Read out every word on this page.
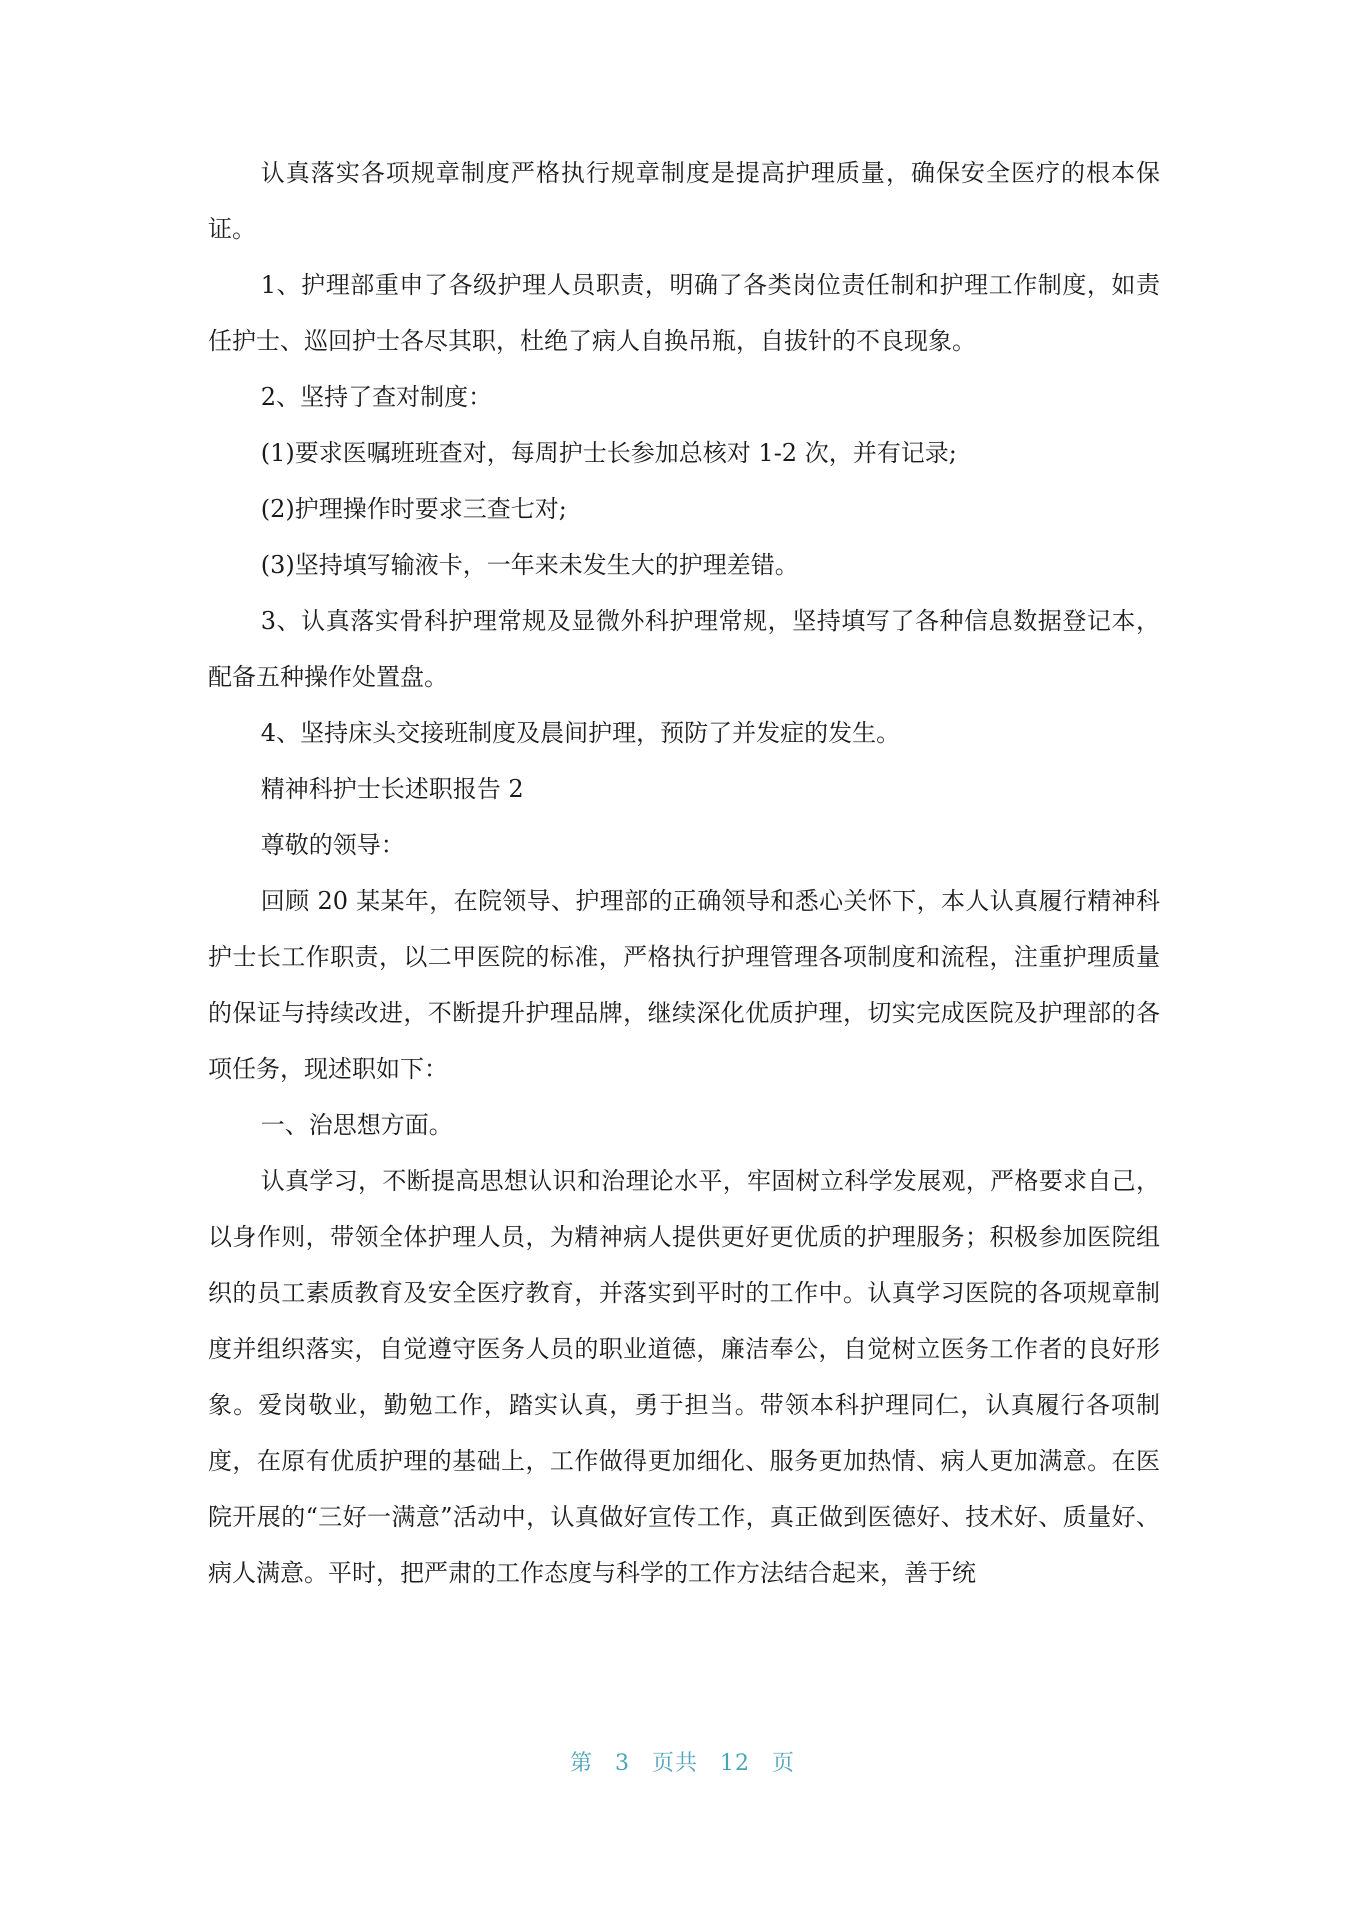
认真落实各项规章制度严格执行规章制度是提高护理质量，确保安全医疗的根本保证。

1、护理部重申了各级护理人员职责，明确了各类岗位责任制和护理工作制度，如责任护士、巡回护士各尽其职，杜绝了病人自换吊瓶，自拔针的不良现象。

2、坚持了查对制度：

(1)要求医嘱班班查对，每周护士长参加总核对 1-2 次，并有记录;

(2)护理操作时要求三查七对;

(3)坚持填写输液卡，一年来未发生大的护理差错。

3、认真落实骨科护理常规及显微外科护理常规，坚持填写了各种信息数据登记本，配备五种操作处置盘。

4、坚持床头交接班制度及晨间护理，预防了并发症的发生。

精神科护士长述职报告 2

尊敬的领导：

回顾 20 某某年，在院领导、护理部的正确领导和悉心关怀下，本人认真履行精神科护士长工作职责，以二甲医院的标准，严格执行护理管理各项制度和流程，注重护理质量的保证与持续改进，不断提升护理品牌，继续深化优质护理，切实完成医院及护理部的各项任务，现述职如下：

一、治思想方面。

认真学习，不断提高思想认识和治理论水平，牢固树立科学发展观，严格要求自己，以身作则，带领全体护理人员，为精神病人提供更好更优质的护理服务；积极参加医院组织的员工素质教育及安全医疗教育，并落实到平时的工作中。认真学习医院的各项规章制度并组织落实，自觉遵守医务人员的职业道德，廉洁奉公，自觉树立医务工作者的良好形象。爱岗敬业，勤勉工作，踏实认真，勇于担当。带领本科护理同仁，认真履行各项制度，在原有优质护理的基础上，工作做得更加细化、服务更加热情、病人更加满意。在医院开展的“三好一满意”活动中，认真做好宣传工作，真正做到医德好、技术好、质量好、病人满意。平时，把严肃的工作态度与科学的工作方法结合起来，善于统

第 3 页共 12 页
